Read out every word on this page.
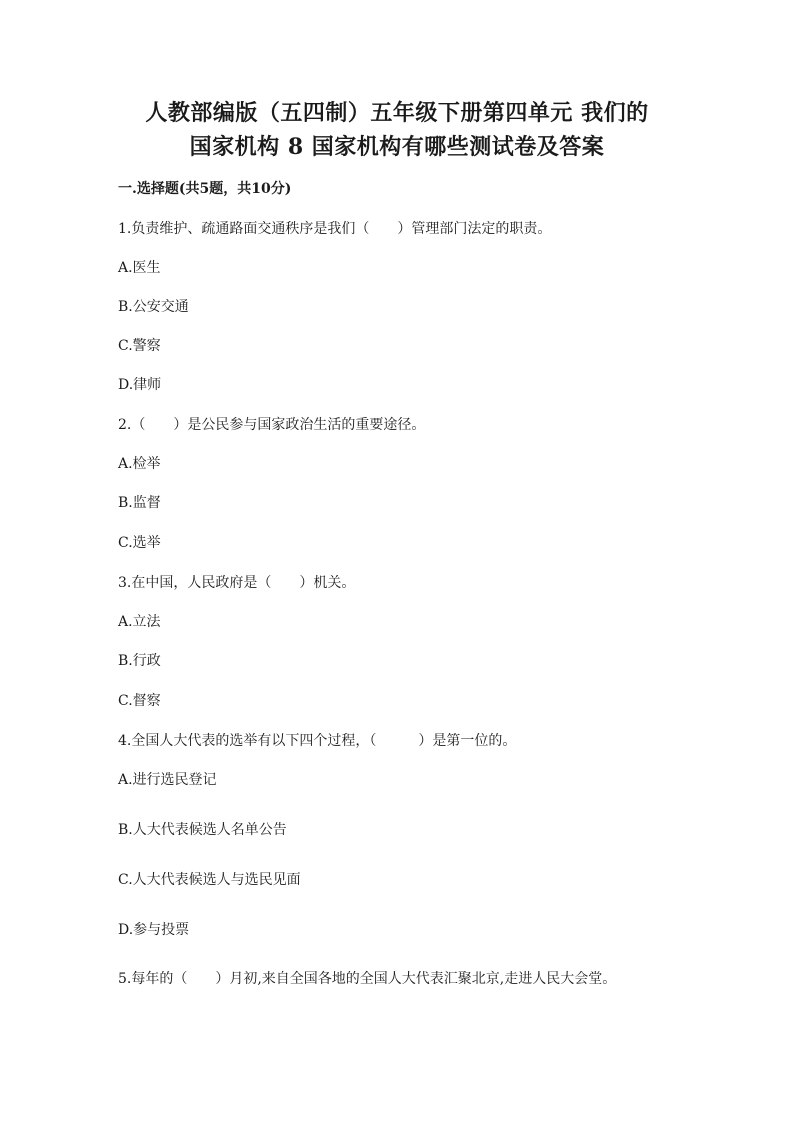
人教部编版（五四制）五年级下册第四单元 我们的
国家机构 8 国家机构有哪些测试卷及答案
一.选择题(共5题，共10分)
1.负责维护、疏通路面交通秩序是我们（　　）管理部门法定的职责。
A.医生
B.公安交通
C.警察
D.律师
2.（　　）是公民参与国家政治生活的重要途径。
A.检举
B.监督
C.选举
3.在中国，人民政府是（　　）机关。
A.立法
B.行政
C.督察
4.全国人大代表的选举有以下四个过程，（　　　）是第一位的。
A.进行选民登记
B.人大代表候选人名单公告
C.人大代表候选人与选民见面
D.参与投票
5.每年的（　　）月初,来自全国各地的全国人大代表汇聚北京,走进人民大会堂。
